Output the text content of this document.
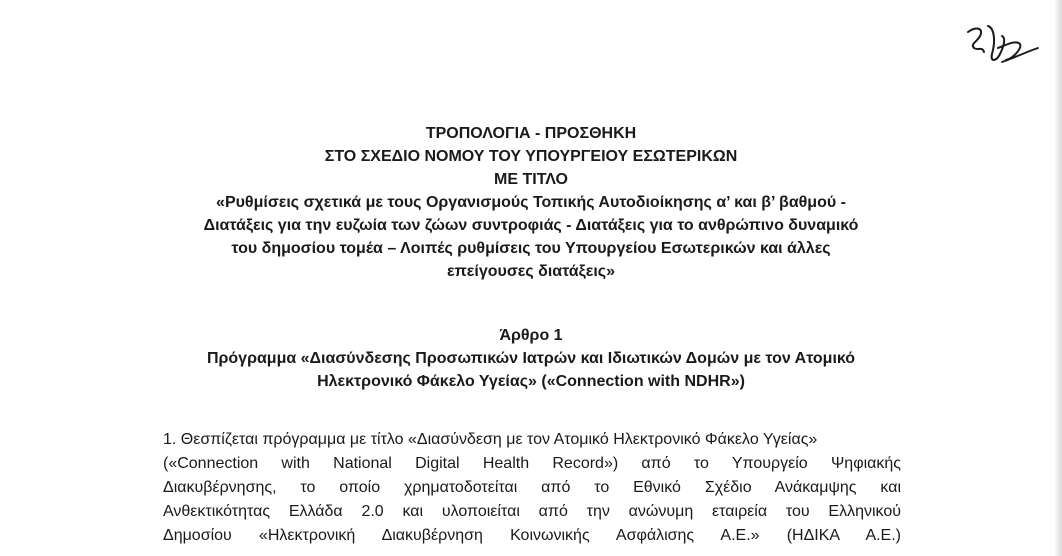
ΤΡΟΠΟΛΟΓΙΑ - ΠΡΟΣΘΗΚΗ
ΣΤΟ ΣΧΕΔΙΟ ΝΟΜΟΥ ΤΟΥ ΥΠΟΥΡΓΕΙΟΥ ΕΣΩΤΕΡΙΚΩΝ
ΜΕ ΤΙΤΛΟ
«Ρυθμίσεις σχετικά με τους Οργανισμούς Τοπικής Αυτοδιοίκησης α’ και β’ βαθμού -
Διατάξεις για την ευζωία των ζώων συντροφιάς - Διατάξεις για το ανθρώπινο δυναμικό
του δημοσίου τομέα – Λοιπές ρυθμίσεις του Υπουργείου Εσωτερικών και άλλες
επείγουσες διατάξεις»
Άρθρο 1
Πρόγραμμα «Διασύνδεσης Προσωπικών Ιατρών και Ιδιωτικών Δομών με τον Ατομικό
Ηλεκτρονικό Φάκελο Υγείας» («Connection with NDHR»)
1. Θεσπίζεται πρόγραμμα με τίτλο «Διασύνδεση με τον Ατομικό Ηλεκτρονικό Φάκελο Υγείας»
(«Connection with National Digital Health Record») από το Υπουργείο Ψηφιακής
Διακυβέρνησης, το οποίο χρηματοδοτείται από το Εθνικό Σχέδιο Ανάκαμψης και
Ανθεκτικότητας Ελλάδα 2.0 και υλοποιείται από την ανώνυμη εταιρεία του Ελληνικού
Δημοσίου «Ηλεκτρονική Διακυβέρνηση Κοινωνικής Ασφάλισης Α.Ε.» (ΗΔΙΚΑ Α.Ε.)
